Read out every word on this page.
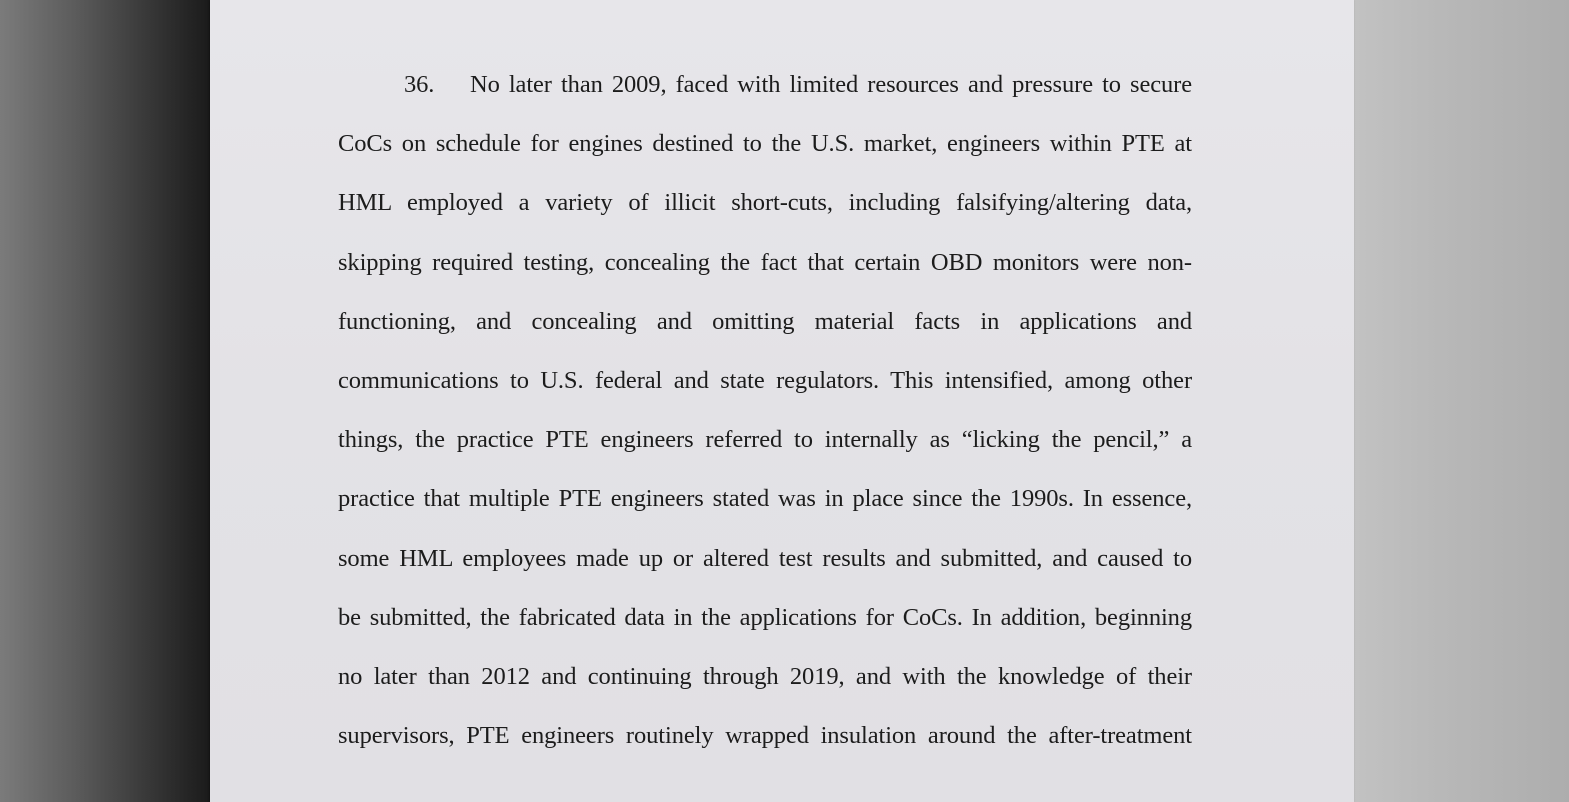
36.	No later than 2009, faced with limited resources and pressure to secure
CoCs on schedule for engines destined to the U.S. market, engineers within PTE at
HML employed a variety of illicit short-cuts, including falsifying/altering data,
skipping required testing, concealing the fact that certain OBD monitors were non-
functioning, and concealing and omitting material facts in applications and
communications to U.S. federal and state regulators. This intensified, among other
things, the practice PTE engineers referred to internally as “licking the pencil,” a
practice that multiple PTE engineers stated was in place since the 1990s. In essence,
some HML employees made up or altered test results and submitted, and caused to
be submitted, the fabricated data in the applications for CoCs. In addition, beginning
no later than 2012 and continuing through 2019, and with the knowledge of their
supervisors, PTE engineers routinely wrapped insulation around the after-treatment
